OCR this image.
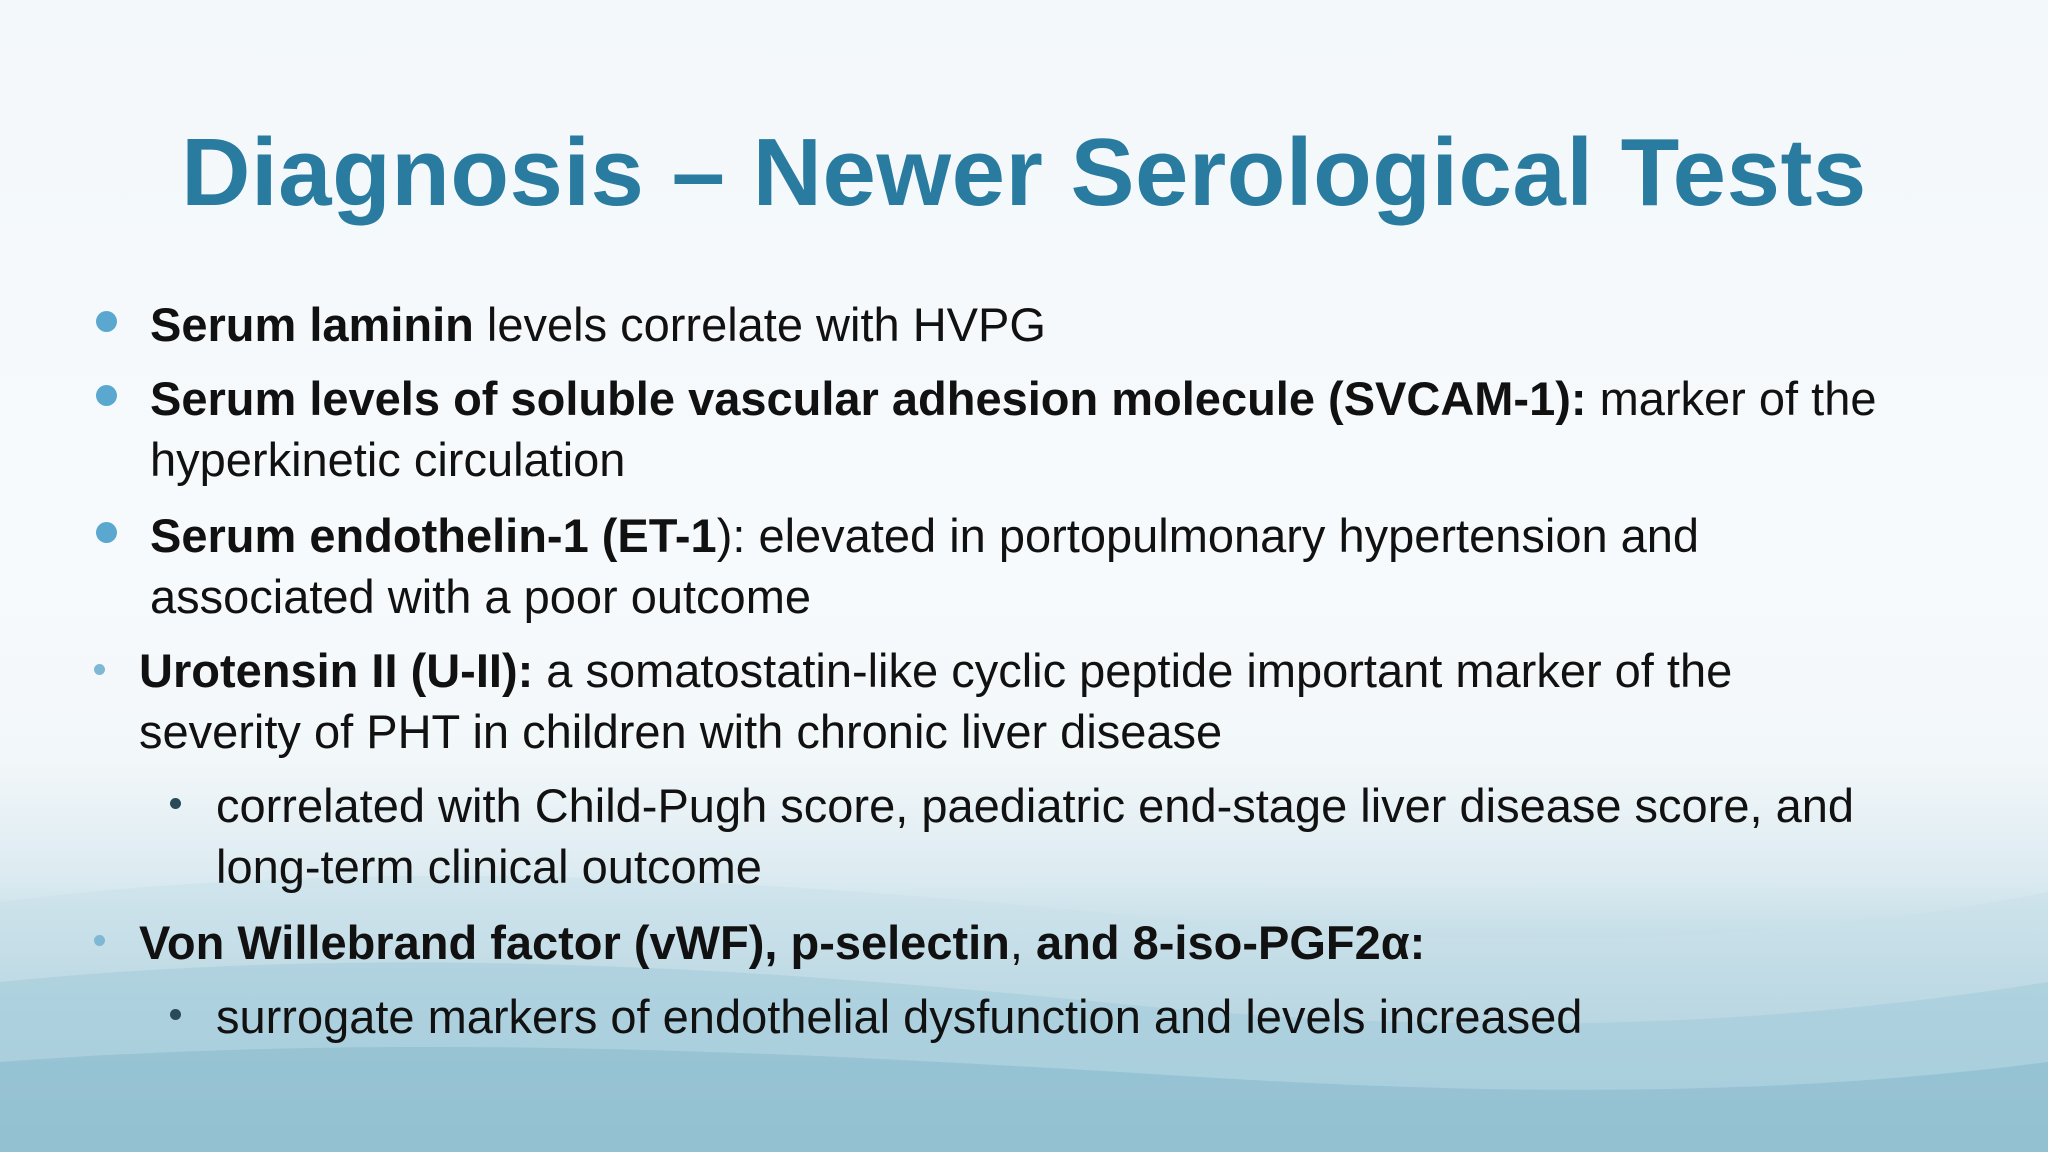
Diagnosis – Newer Serological Tests
Serum laminin levels correlate with HVPG
Serum levels of soluble vascular adhesion molecule (SVCAM-1): marker of the hyperkinetic circulation
Serum endothelin-1 (ET-1): elevated in portopulmonary hypertension and associated with a poor outcome
Urotensin II (U-II): a somatostatin-like cyclic peptide important marker of the severity of PHT in children with chronic liver disease
correlated with Child-Pugh score, paediatric end-stage liver disease score, and long-term clinical outcome
Von Willebrand factor (vWF), p-selectin, and 8-iso-PGF2α:
surrogate markers of endothelial dysfunction and levels increased
